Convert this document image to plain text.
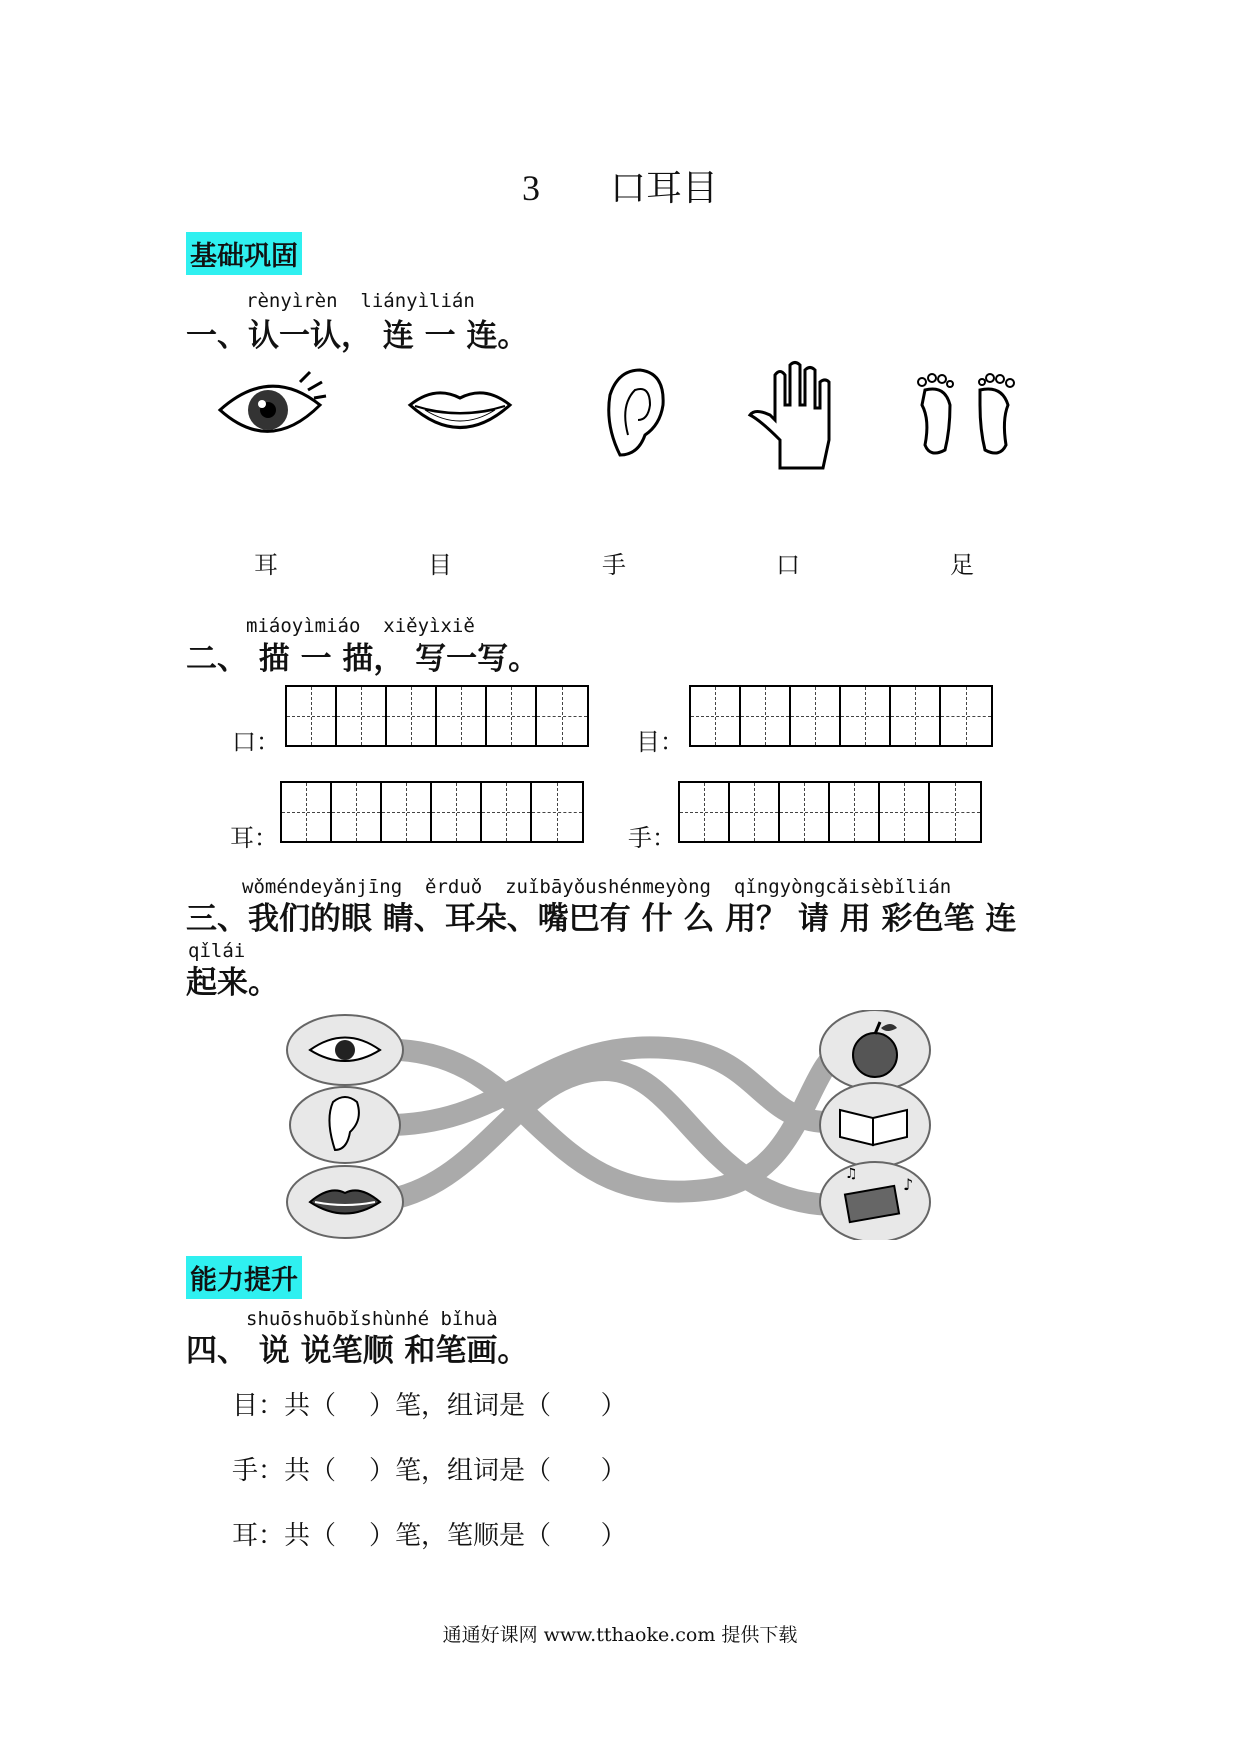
3 口耳目
基础巩固
rènyìrèn  liányìlián
一、认一认， 连 一 连。
耳	目	手	口	足
miáoyìmiáo  xiěyìxiě
二、 描 一 描， 写一写。
口：	目：
耳：	手：
wǒméndeyǎnjīng  ěrduǒ  zuǐbāyǒushénmeyòng  qǐngyòngcǎisèbǐlián
三、我们的眼 睛、耳朵、嘴巴有 什 么 用？ 请 用 彩色笔 连
qǐlái
起来。
♪
♫
能力提升
shuōshuōbǐshùnhé bǐhuà
四、 说 说笔顺 和笔画。
目：共（    ）笔，组词是（      ）
手：共（    ）笔，组词是（      ）
耳：共（    ）笔，笔顺是（      ）
通通好课网 www.tthaoke.com 提供下载
